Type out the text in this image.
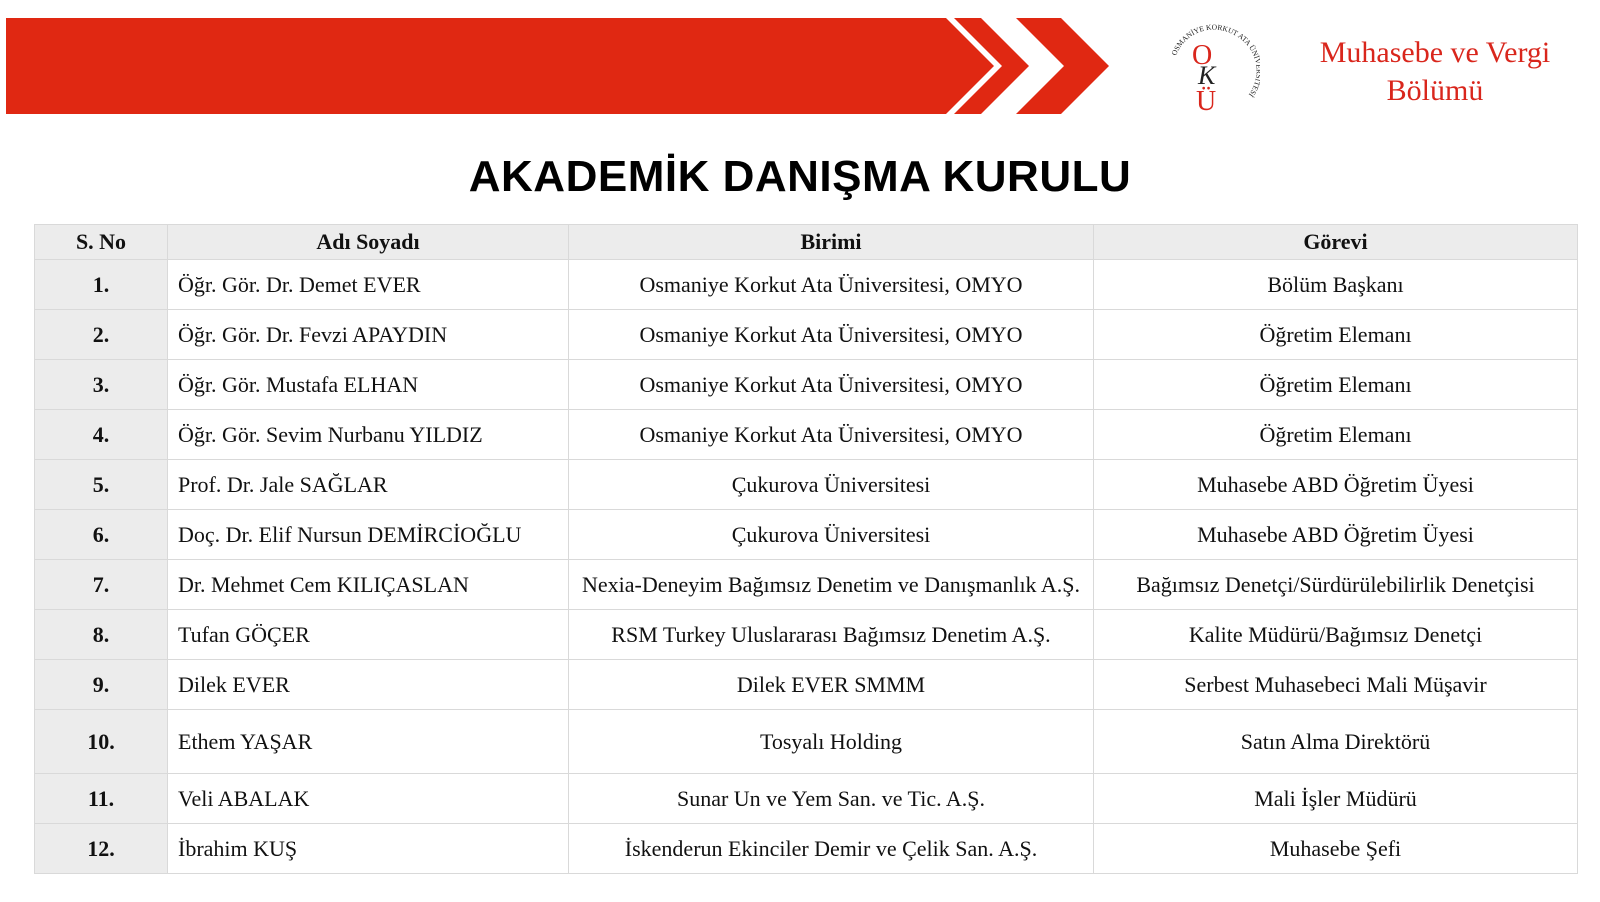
OSMANİYE KORKUT ATA ÜN ESİ
O
K
Ü
Muhasebe ve Vergi
Bölümü
AKADEMİK DANIŞMA KURULU
S. No	Adı Soyadı	Birimi	Görevi
1.	Öğr. Gör. Dr. Demet EVER	Osmaniye Korkut Ata Üniversitesi, OMYO	Bölüm Başkanı
2.	Öğr. Gör. Dr. Fevzi APAYDIN	Osmaniye Korkut Ata Üniversitesi, OMYO	Öğretim Elemanı
3.	Öğr. Gör. Mustafa ELHAN	Osmaniye Korkut Ata Üniversitesi, OMYO	Öğretim Elemanı
4.	Öğr. Gör. Sevim Nurbanu YILDIZ	Osmaniye Korkut Ata Üniversitesi, OMYO	Öğretim Elemanı
5.	Prof. Dr. Jale SAĞLAR	Çukurova Üniversitesi	Muhasebe ABD Öğretim Üyesi
6.	Doç. Dr. Elif Nursun DEMİRCİOĞLU	Çukurova Üniversitesi	Muhasebe ABD Öğretim Üyesi
7.	Dr. Mehmet Cem KILIÇASLAN	Nexia-Deneyim Bağımsız Denetim ve Danışmanlık A.Ş.	Bağımsız Denetçi/Sürdürülebilirlik Denetçisi
8.	Tufan GÖÇER	RSM Turkey Uluslararası Bağımsız Denetim A.Ş.	Kalite Müdürü/Bağımsız Denetçi
9.	Dilek EVER	Dilek EVER SMMM	Serbest Muhasebeci Mali Müşavir
10.	Ethem YAŞAR	Tosyalı Holding	Satın Alma Direktörü
11.	Veli ABALAK	Sunar Un ve Yem San. ve Tic. A.Ş.	Mali İşler Müdürü
12.	İbrahim KUŞ	İskenderun Ekinciler Demir ve Çelik San. A.Ş.	Muhasebe Şefi
